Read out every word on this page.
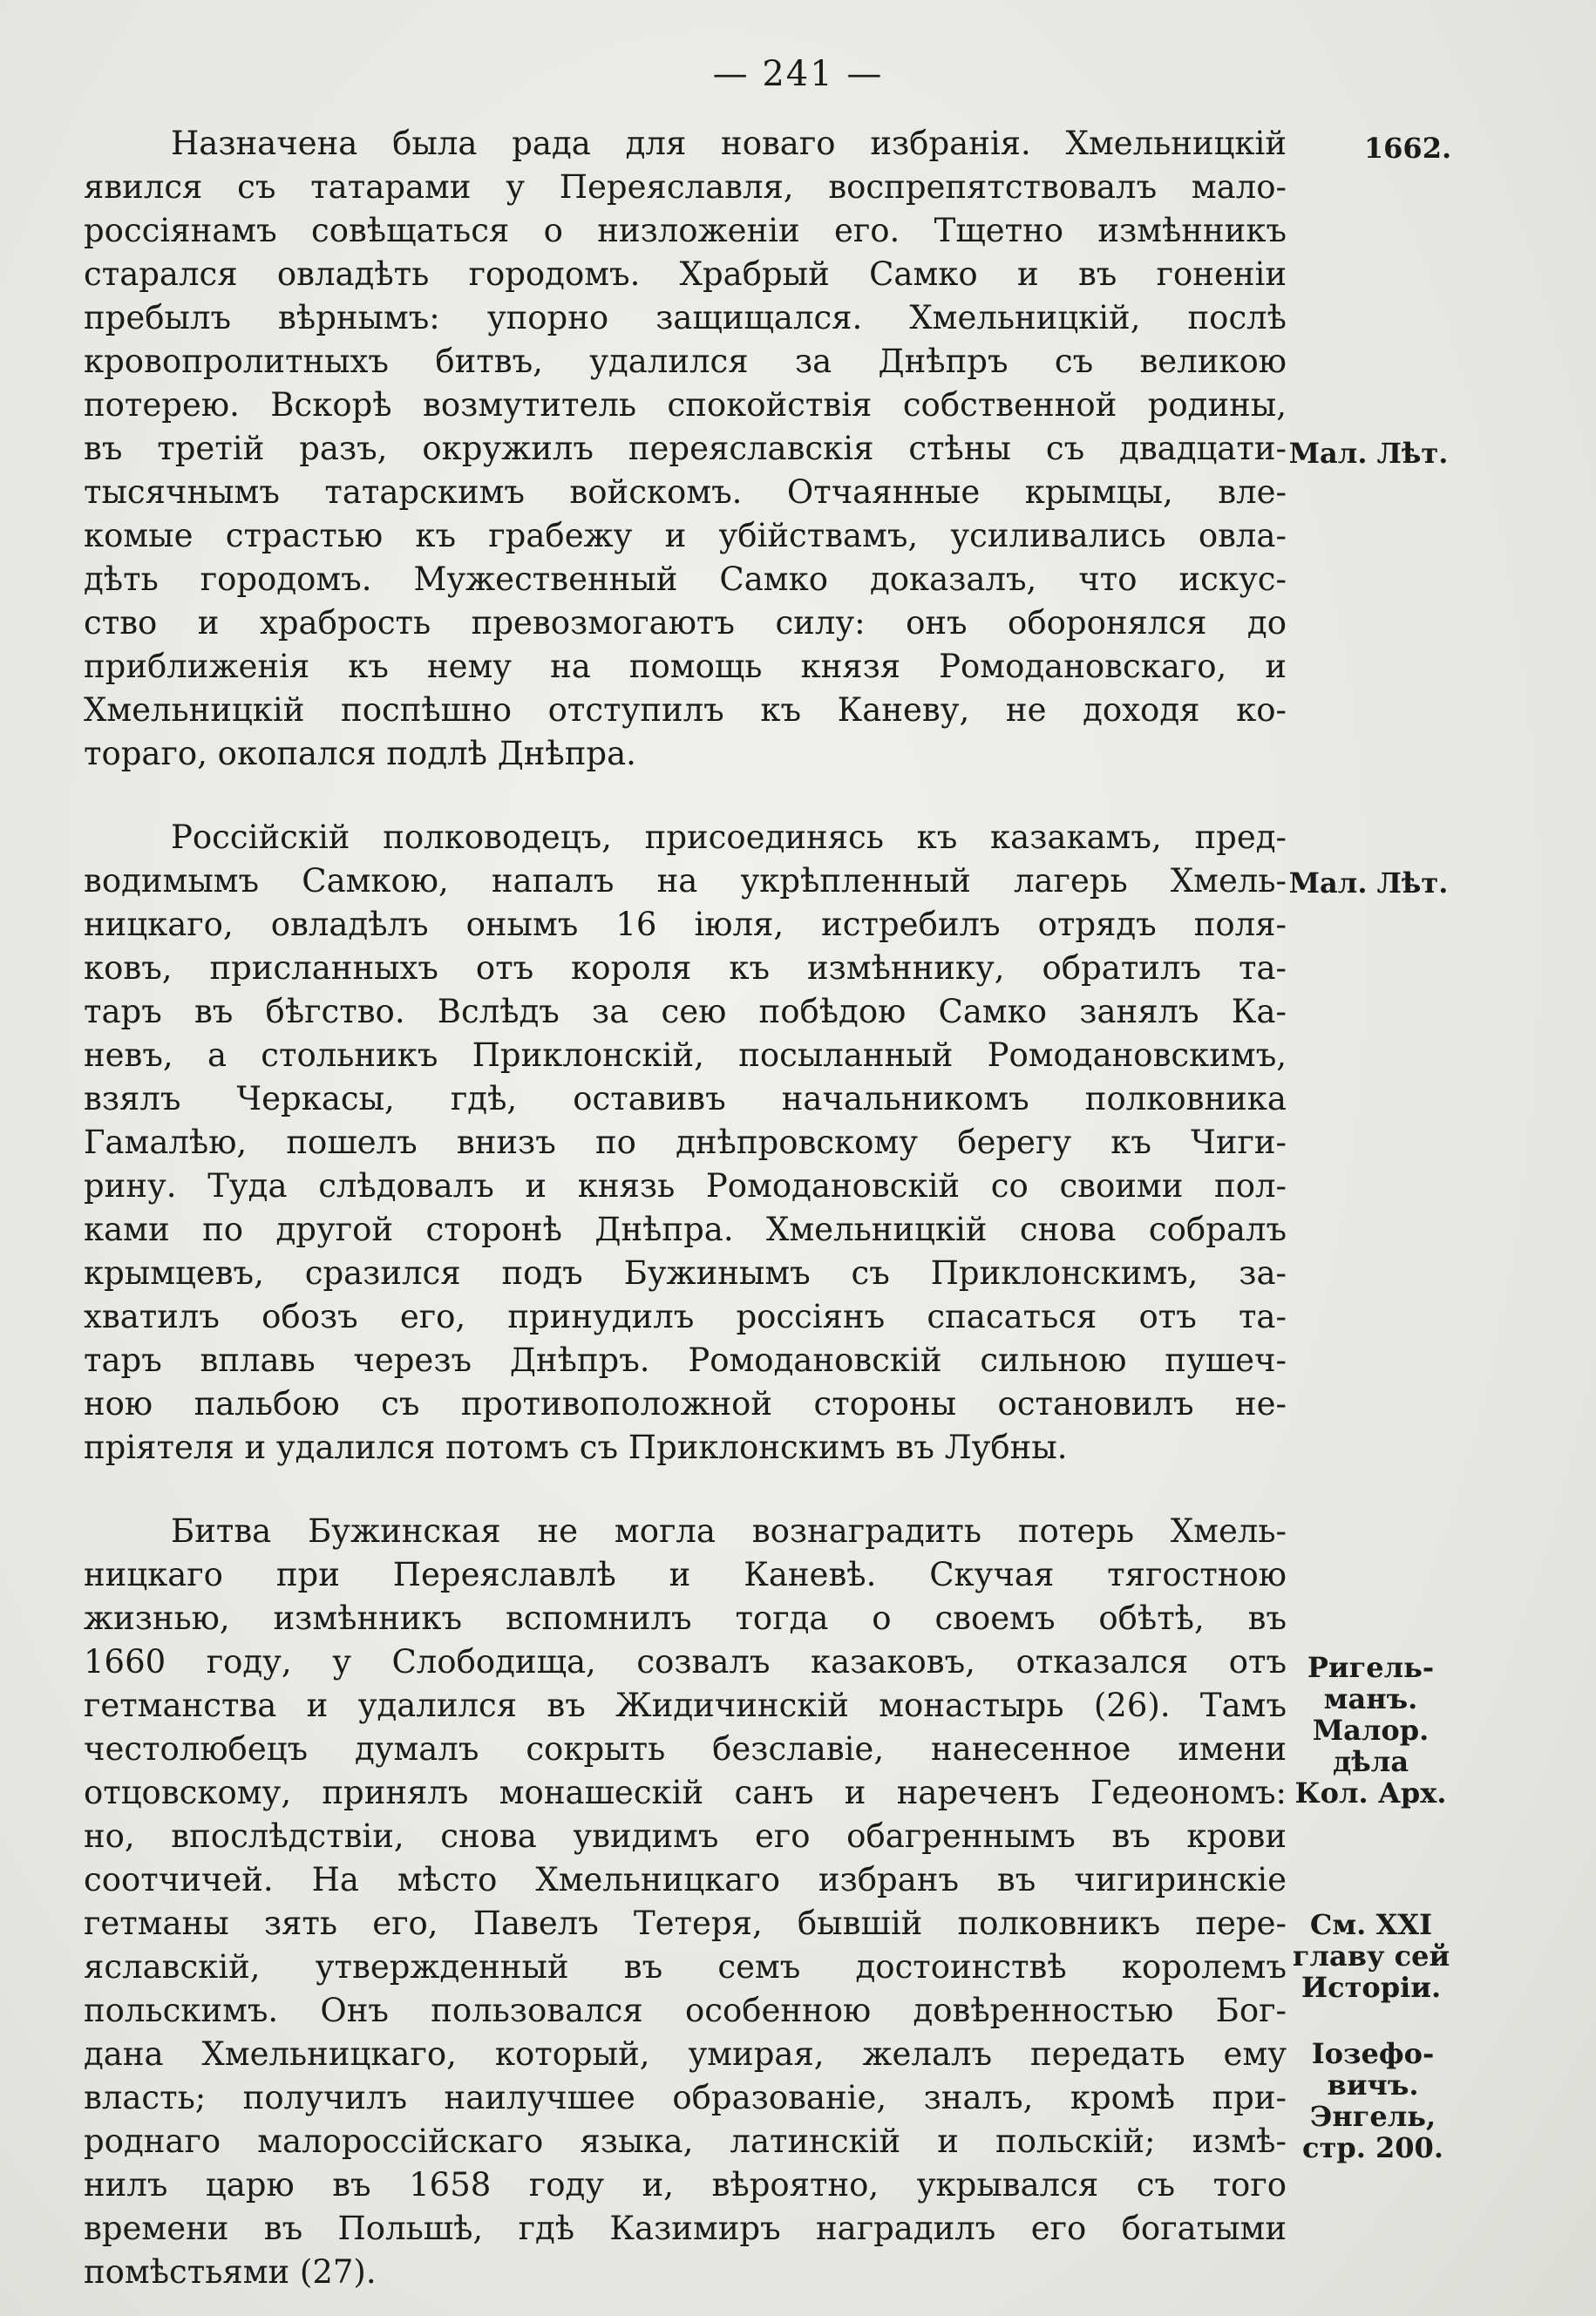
— 241 —
Назначена была рада для новаго избранія. Хмельницкій
явился съ татарами у Переяславля, воспрепятствовалъ мало-
россіянамъ совѣщаться о низложеніи его. Тщетно измѣнникъ
старался овладѣть городомъ. Храбрый Самко и въ гоненіи
пребылъ вѣрнымъ: упорно защищался. Хмельницкій, послѣ
кровопролитныхъ битвъ, удалился за Днѣпръ съ великою
потерею. Вскорѣ возмутитель спокойствія собственной родины,
въ третій разъ, окружилъ переяславскія стѣны съ двадцати-
тысячнымъ татарскимъ войскомъ. Отчаянные крымцы, вле-
комые страстью къ грабежу и убійствамъ, усиливались овла-
дѣть городомъ. Мужественный Самко доказалъ, что искус-
ство и храбрость превозмогаютъ силу: онъ оборонялся до
приближенія къ нему на помощь князя Ромодановскаго, и
Хмельницкій поспѣшно отступилъ къ Каневу, не доходя ко-
тораго, окопался подлѣ Днѣпра.
Россійскій полководецъ, присоединясь къ казакамъ, пред-
водимымъ Самкою, напалъ на укрѣпленный лагерь Хмель-
ницкаго, овладѣлъ онымъ 16 іюля, истребилъ отрядъ поля-
ковъ, присланныхъ отъ короля къ измѣннику, обратилъ та-
таръ въ бѣгство. Вслѣдъ за сею побѣдою Самко занялъ Ка-
невъ, а стольникъ Приклонскій, посыланный Ромодановскимъ,
взялъ Черкасы, гдѣ, оставивъ начальникомъ полковника
Гамалѣю, пошелъ внизъ по днѣпровскому берегу къ Чиги-
рину. Туда слѣдовалъ и князь Ромодановскій со своими пол-
ками по другой сторонѣ Днѣпра. Хмельницкій снова собралъ
крымцевъ, сразился подъ Бужинымъ съ Приклонскимъ, за-
хватилъ обозъ его, принудилъ россіянъ спасаться отъ та-
таръ вплавь черезъ Днѣпръ. Ромодановскій сильною пушеч-
ною пальбою съ противоположной стороны остановилъ не-
пріятеля и удалился потомъ съ Приклонскимъ въ Лубны.
Битва Бужинская не могла вознаградить потерь Хмель-
ницкаго при Переяславлѣ и Каневѣ. Скучая тягостною
жизнью, измѣнникъ вспомнилъ тогда о своемъ обѣтѣ, въ
1660 году, у Слободища, созвалъ казаковъ, отказался отъ
гетманства и удалился въ Жидичинскій монастырь (26). Тамъ
честолюбецъ думалъ сокрыть безславіе, нанесенное имени
отцовскому, принялъ монашескій санъ и нареченъ Гедеономъ:
но, впослѣдствіи, снова увидимъ его обагреннымъ въ крови
соотчичей. На мѣсто Хмельницкаго избранъ въ чигиринскіе
гетманы зять его, Павелъ Тетеря, бывшій полковникъ пере-
яславскій, утвержденный въ семъ достоинствѣ королемъ
польскимъ. Онъ пользовался особенною довѣренностью Бог-
дана Хмельницкаго, который, умирая, желалъ передать ему
власть; получилъ наилучшее образованіе, зналъ, кромѣ при-
роднаго малороссійскаго языка, латинскій и польскій; измѣ-
нилъ царю въ 1658 году и, вѣроятно, укрывался съ того
времени въ Польшѣ, гдѣ Казимиръ наградилъ его богатыми
помѣстьями (27).
1662.
Мал. Лѣт.
Мал. Лѣт.
Ригель-
манъ.
Малор.
дѣла
Кол. Арх.
См. XXI
главу сей
Исторіи.
Іозефо-
вичъ.
Энгель,
стр. 200.
